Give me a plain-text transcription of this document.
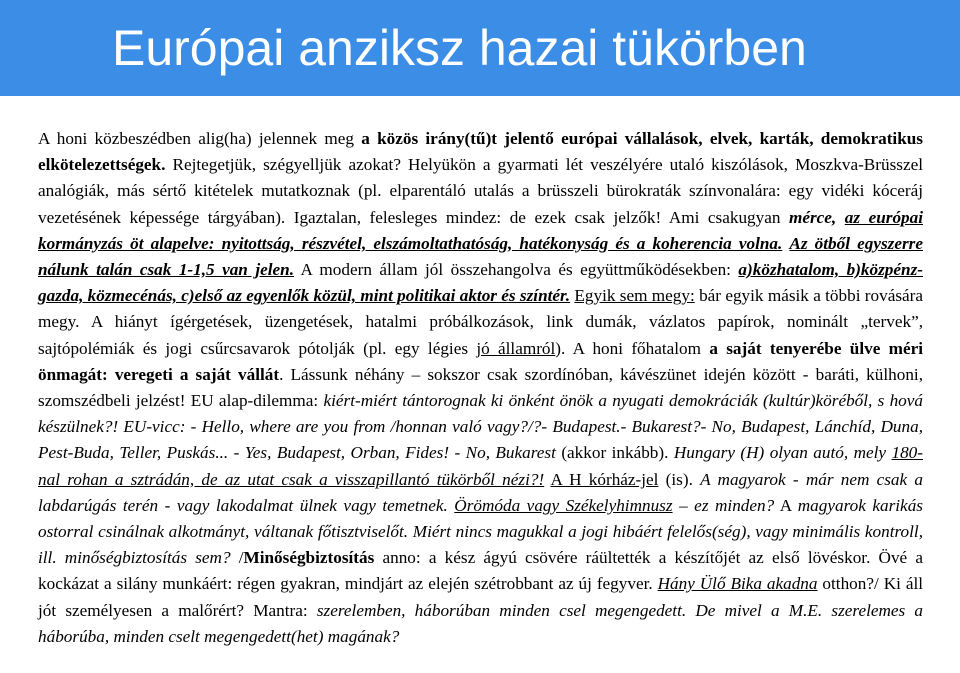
Európai anziksz hazai tükörben
A honi közbeszédben alig(ha) jelennek meg a közös irány(tű)t jelentő európai vállalások, elvek, karták, demokratikus elkötelezettségek. Rejtegetjük, szégyelljük azokat? Helyükön a gyarmati lét veszélyére utaló kiszólások, Moszkva-Brüsszel analógiák, más sértő kitételek mutatkoznak (pl. elparentáló utalás a brüsszeli bürokraták színvonalára: egy vidéki kóceráj vezetésének képessége tárgyában). Igaztalan, felesleges mindez: de ezek csak jelzők! Ami csakugyan mérce, az európai kormányzás öt alapelve: nyitottság, részvétel, elszámoltathatóság, hatékonyság és a koherencia volna. Az ötből egyszerre nálunk talán csak 1-1,5 van jelen. A modern állam jól összehangolva és együttműködésekben: a)közhatalom, b)közpénz-gazda, közmecénás, c)első az egyenlők közül, mint politikai aktor és színtér. Egyik sem megy: bár egyik másik a többi rovására megy. A hiányt ígérgetések, üzengetések, hatalmi próbálkozások, link dumák, vázlatos papírok, nominált „tervek”, sajtópolémiák és jogi csűrcsavarok pótolják (pl. egy légies jó államról). A honi főhatalom a saját tenyerébe ülve méri önmagát: veregeti a saját vállát. Lássunk néhány – sokszor csak szordínóban, kávészünet idején között - baráti, külhoni, szomszédbeli jelzést! EU alap-dilemma: kiért-miért tántorognak ki önként önök a nyugati demokráciák (kultúr)köréből, s hová készülnek?! EU-vicc: - Hello, where are you from /honnan való vagy?/?- Budapest.- Bukarest?- No, Budapest, Lánchíd, Duna, Pest-Buda, Teller, Puskás... - Yes, Budapest, Orban, Fides! - No, Bukarest (akkor inkább). Hungary (H) olyan autó, mely 180-nal rohan a sztrádán, de az utat csak a visszapillantó tükörből nézi?! A H kórház-jel (is). A magyarok - már nem csak a labdarúgás terén - vagy lakodalmat ülnek vagy temetnek. Örömóda vagy Székelyhimnusz – ez minden? A magyarok karikás ostorral csinálnak alkotmányt, váltanak főtisztviselőt. Miért nincs magukkal a jogi hibáért felelős(ség), vagy minimális kontroll, ill. minőségbiztosítás sem? /Minőségbiztosítás anno: a kész ágyú csövére ráültették a készítőjét az első lövéskor. Övé a kockázat a silány munkáért: régen gyakran, mindjárt az elején szétrobbant az új fegyver. Hány Ülő Bika akadna otthon?/ Ki áll jót személyesen a malőrért? Mantra: szerelemben, háborúban minden csel megengedett. De mivel a M.E. szerelemes a háborúba, minden cselt megengedett(het) magának?
